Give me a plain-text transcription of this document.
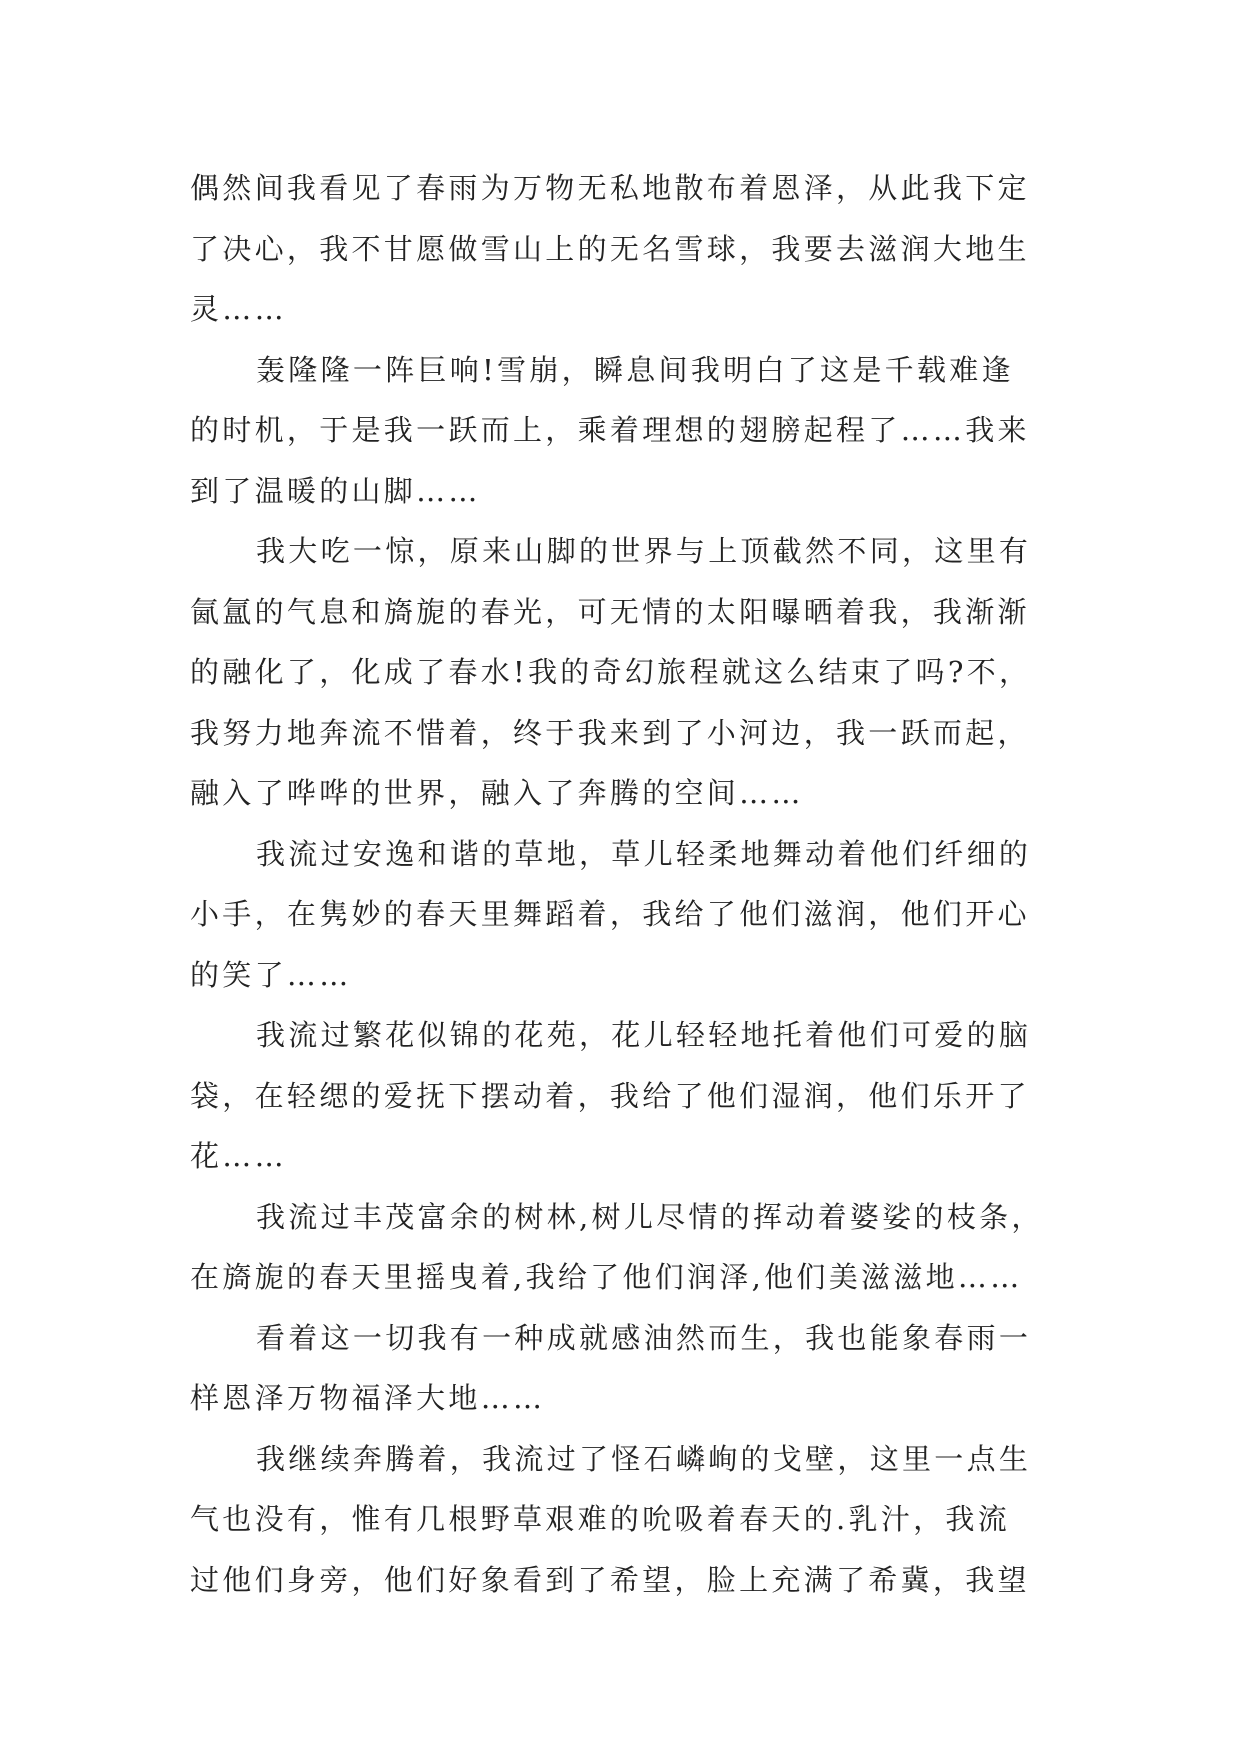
偶然间我看见了春雨为万物无私地散布着恩泽，从此我下定
了决心，我不甘愿做雪山上的无名雪球，我要去滋润大地生
灵……
轰隆隆一阵巨响!雪崩，瞬息间我明白了这是千载难逢
的时机，于是我一跃而上，乘着理想的翅膀起程了……我来
到了温暖的山脚……
我大吃一惊，原来山脚的世界与上顶截然不同，这里有
氤氲的气息和旖旎的春光，可无情的太阳曝晒着我，我渐渐
的融化了，化成了春水!我的奇幻旅程就这么结束了吗?不，
我努力地奔流不惜着，终于我来到了小河边，我一跃而起，
融入了哗哗的世界，融入了奔腾的空间……
我流过安逸和谐的草地，草儿轻柔地舞动着他们纤细的
小手，在隽妙的春天里舞蹈着，我给了他们滋润，他们开心
的笑了……
我流过繁花似锦的花苑，花儿轻轻地托着他们可爱的脑
袋，在轻缌的爱抚下摆动着，我给了他们湿润，他们乐开了
花……
我流过丰茂富余的树林,树儿尽情的挥动着婆娑的枝条，
在旖旎的春天里摇曳着,我给了他们润泽,他们美滋滋地……
看着这一切我有一种成就感油然而生，我也能象春雨一
样恩泽万物福泽大地……
我继续奔腾着，我流过了怪石嶙峋的戈壁，这里一点生
气也没有，惟有几根野草艰难的吮吸着春天的.乳汁，我流
过他们身旁，他们好象看到了希望，脸上充满了希冀，我望
